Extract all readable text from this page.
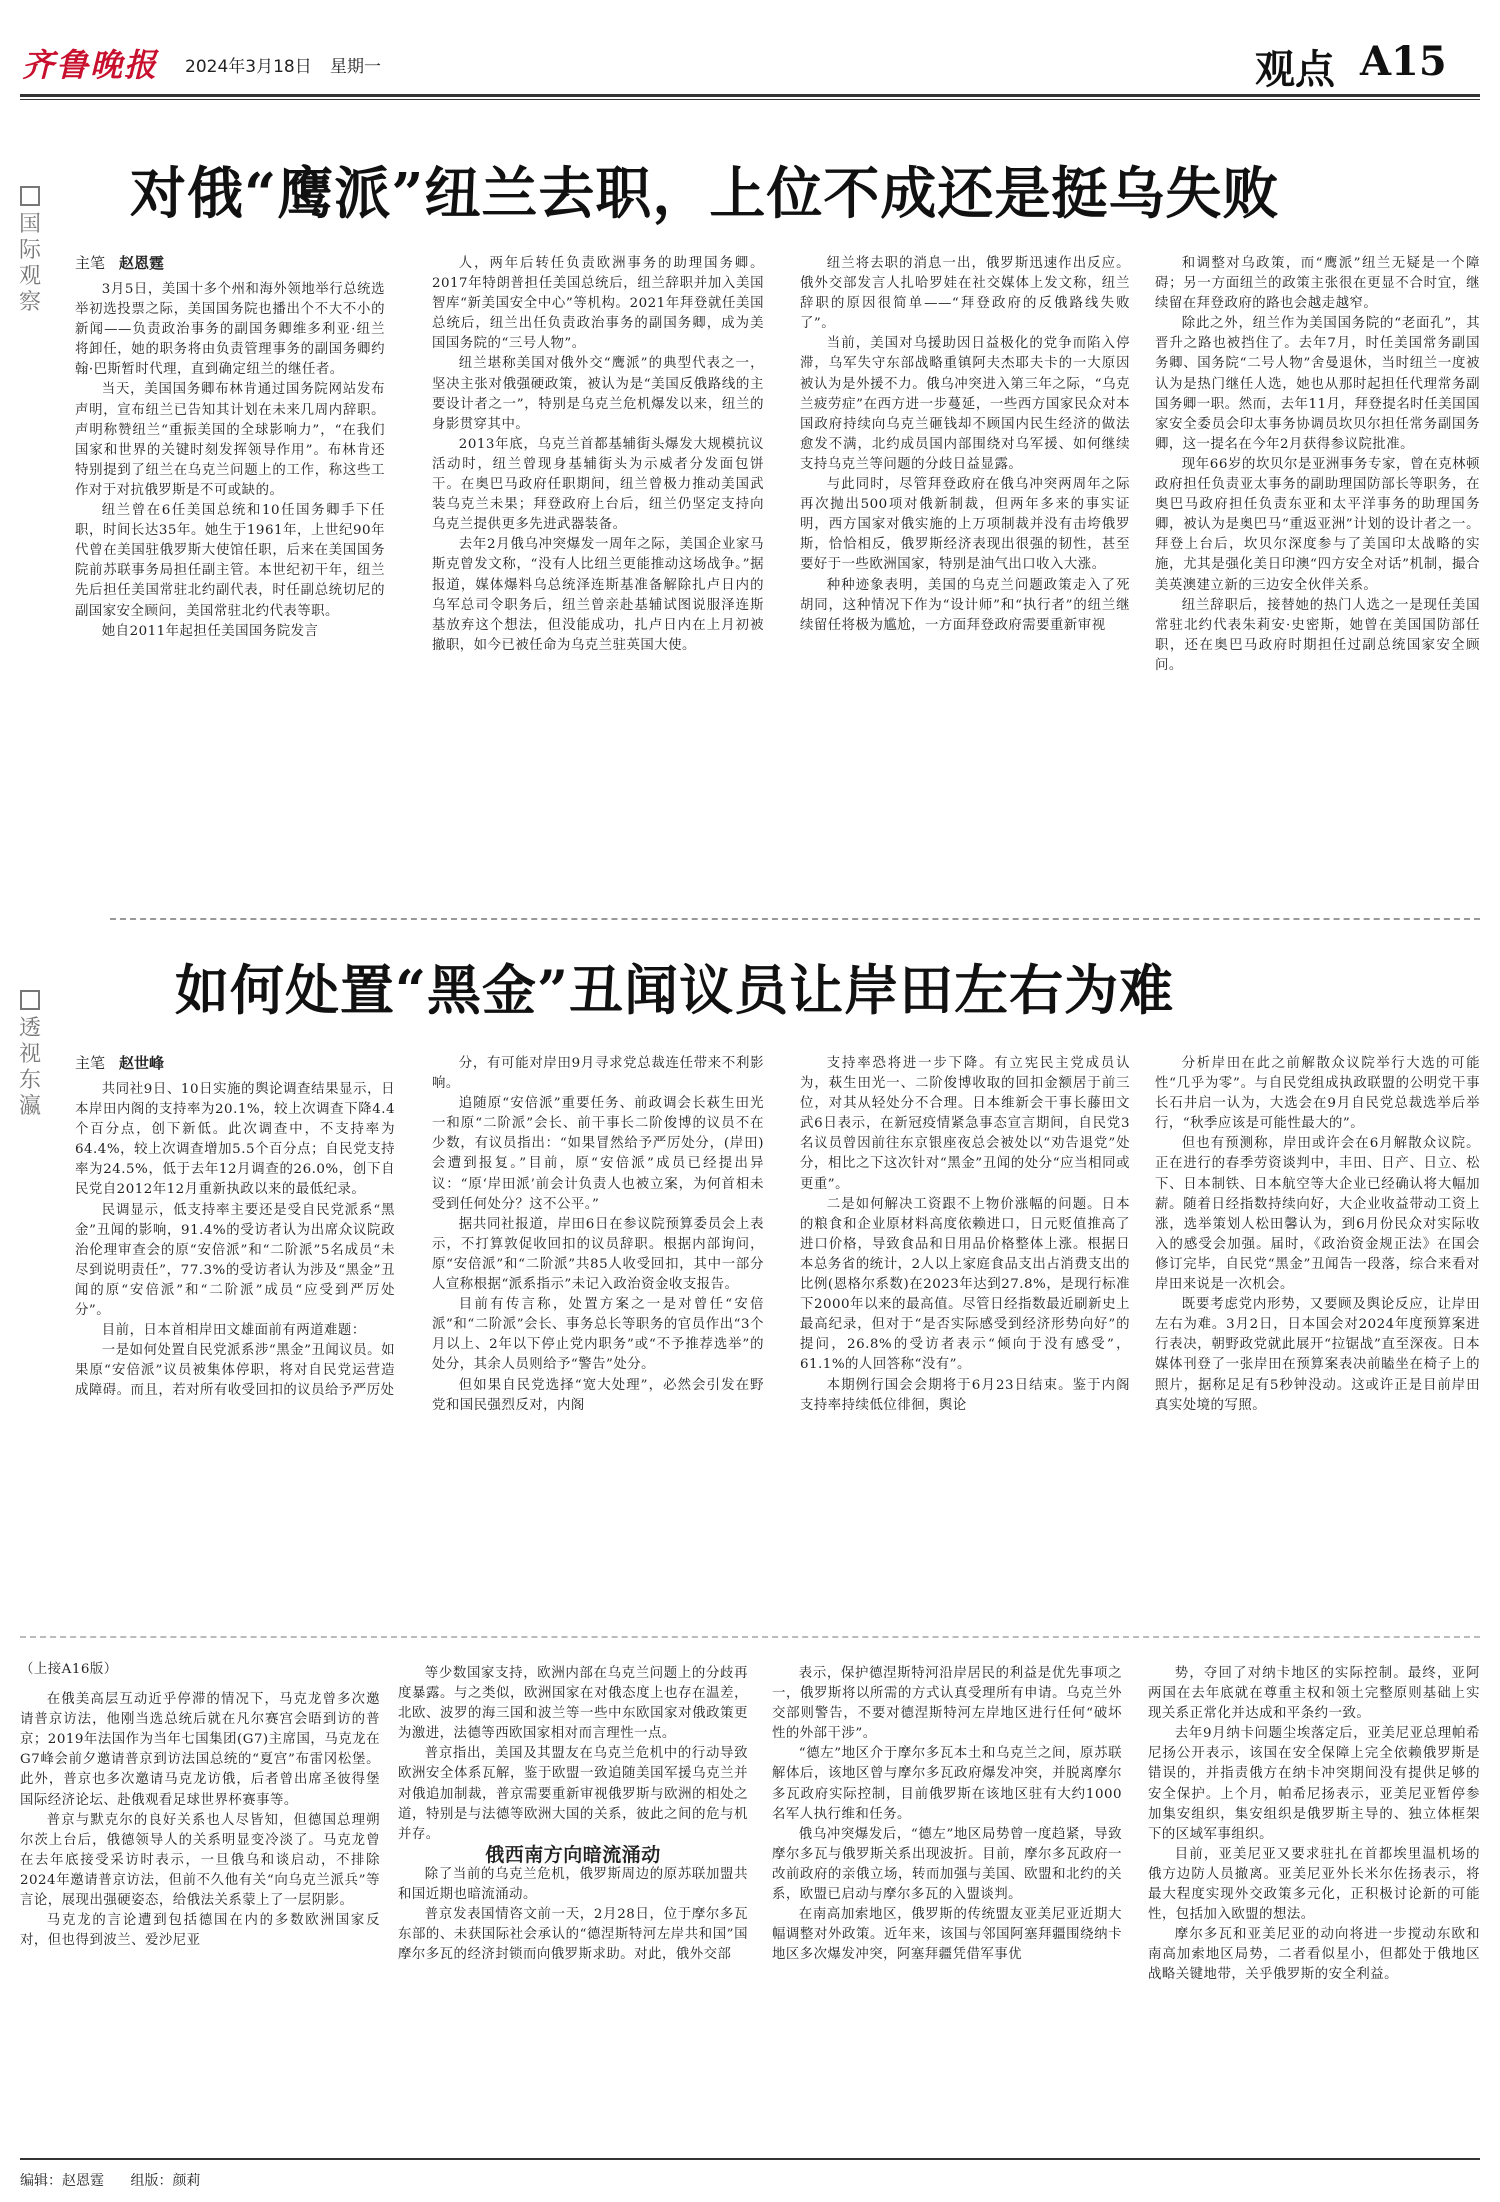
齐鲁晚报	2024年3月18日 星期一	观点 A15
国际观察
对俄“鹰派”纽兰去职，上位不成还是挺乌失败
主笔 赵恩霆

3月5日，美国十多个州和海外领地举行总统选举初选投票之际，美国国务院也播出个不大不小的新闻——负责政治事务的副国务卿维多利亚·纽兰将卸任，她的职务将由负责管理事务的副国务卿约翰·巴斯暂时代理，直到确定纽兰的继任者。

当天，美国国务卿布林肯通过国务院网站发布声明，宣布纽兰已告知其计划在未来几周内辞职。声明称赞纽兰“重振美国的全球影响力”，“在我们国家和世界的关键时刻发挥领导作用”。布林肯还特别提到了纽兰在乌克兰问题上的工作，称这些工作对于对抗俄罗斯是不可或缺的。

纽兰曾在6任美国总统和10任国务卿手下任职，时间长达35年。她生于1961年，上世纪90年代曾在美国驻俄罗斯大使馆任职，后来在美国国务院前苏联事务局担任副主管。本世纪初干年，纽兰先后担任美国常驻北约副代表，时任副总统切尼的副国家安全顾问，美国常驻北约代表等职。

她自2011年起担任美国国务院发言

人，两年后转任负责欧洲事务的助理国务卿。2017年特朗普担任美国总统后，纽兰辞职并加入美国智库“新美国安全中心”等机构。2021年拜登就任美国总统后，纽兰出任负责政治事务的副国务卿，成为美国国务院的“三号人物”。

纽兰堪称美国对俄外交“鹰派”的典型代表之一，坚决主张对俄强硬政策，被认为是“美国反俄路线的主要设计者之一”，特别是乌克兰危机爆发以来，纽兰的身影贯穿其中。

2013年底，乌克兰首都基辅街头爆发大规模抗议活动时，纽兰曾现身基辅街头为示威者分发面包饼干。在奥巴马政府任职期间，纽兰曾极力推动美国武装乌克兰未果；拜登政府上台后，纽兰仍坚定支持向乌克兰提供更多先进武器装备。

去年2月俄乌冲突爆发一周年之际，美国企业家马斯克曾发文称，“没有人比纽兰更能推动这场战争。”据报道，媒体爆料乌总统泽连斯基准备解除扎卢日内的乌军总司令职务后，纽兰曾亲赴基辅试图说服泽连斯基放弃这个想法，但没能成功，扎卢日内在上月初被撤职，如今已被任命为乌克兰驻英国大使。

纽兰将去职的消息一出，俄罗斯迅速作出反应。俄外交部发言人扎哈罗娃在社交媒体上发文称，纽兰辞职的原因很简单——“拜登政府的反俄路线失败了”。

当前，美国对乌援助因日益极化的党争而陷入停滞，乌军失守东部战略重镇阿夫杰耶夫卡的一大原因被认为是外援不力。俄乌冲突进入第三年之际，“乌克兰疲劳症”在西方进一步蔓延，一些西方国家民众对本国政府持续向乌克兰砸钱却不顾国内民生经济的做法愈发不满，北约成员国内部围绕对乌军援、如何继续支持乌克兰等问题的分歧日益显露。

与此同时，尽管拜登政府在俄乌冲突两周年之际再次抛出500项对俄新制裁，但两年多来的事实证明，西方国家对俄实施的上万项制裁并没有击垮俄罗斯，恰恰相反，俄罗斯经济表现出很强的韧性，甚至要好于一些欧洲国家，特别是油气出口收入大涨。

种种迹象表明，美国的乌克兰问题政策走入了死胡同，这种情况下作为“设计师”和“执行者”的纽兰继续留任将极为尴尬，一方面拜登政府需要重新审视

和调整对乌政策，而“鹰派”纽兰无疑是一个障碍；另一方面纽兰的政策主张很在更显不合时宜，继续留在拜登政府的路也会越走越窄。

除此之外，纽兰作为美国国务院的“老面孔”，其晋升之路也被挡住了。去年7月，时任美国常务副国务卿、国务院“二号人物”舍曼退休，当时纽兰一度被认为是热门继任人选，她也从那时起担任代理常务副国务卿一职。然而，去年11月，拜登提名时任美国国家安全委员会印太事务协调员坎贝尔担任常务副国务卿，这一提名在今年2月获得参议院批准。

现年66岁的坎贝尔是亚洲事务专家，曾在克林顿政府担任负责亚太事务的副助理国防部长等职务，在奥巴马政府担任负责东亚和太平洋事务的助理国务卿，被认为是奥巴马“重返亚洲”计划的设计者之一。拜登上台后，坎贝尔深度参与了美国印太战略的实施，尤其是强化美日印澳“四方安全对话”机制，撮合美英澳建立新的三边安全伙伴关系。

纽兰辞职后，接替她的热门人选之一是现任美国常驻北约代表朱莉安·史密斯，她曾在美国国防部任职，还在奥巴马政府时期担任过副总统国家安全顾问。

透视东瀛
如何处置“黑金”丑闻议员让岸田左右为难
主笔 赵世峰

共同社9日、10日实施的舆论调查结果显示，日本岸田内阁的支持率为20.1%，较上次调查下降4.4个百分点，创下新低。此次调查中，不支持率为64.4%，较上次调查增加5.5个百分点；自民党支持率为24.5%，低于去年12月调查的26.0%，创下自民党自2012年12月重新执政以来的最低纪录。

民调显示，低支持率主要还是受自民党派系“黑金”丑闻的影响，91.4%的受访者认为出席众议院政治伦理审查会的原“安倍派”和“二阶派”5名成员“未尽到说明责任”，77.3%的受访者认为涉及“黑金”丑闻的原“安倍派”和“二阶派”成员“应受到严厉处分”。

目前，日本首相岸田文雄面前有两道难题：

一是如何处置自民党派系涉“黑金”丑闻议员。如果原“安倍派”议员被集体停职，将对自民党运营造成障碍。而且，若对所有收受回扣的议员给予严厉处

分，有可能对岸田9月寻求党总裁连任带来不利影响。

追随原“安倍派”重要任务、前政调会长萩生田光一和原“二阶派”会长、前干事长二阶俊博的议员不在少数，有议员指出：“如果冒然给予严厉处分，(岸田)会遭到报复。”目前，原“安倍派”成员已经提出异议：“原‘岸田派’前会计负责人也被立案，为何首相未受到任何处分？这不公平。”

据共同社报道，岸田6日在参议院预算委员会上表示，不打算敦促收回扣的议员辞职。根据内部询问，原“安倍派”和“二阶派”共85人收受回扣，其中一部分人宣称根据“派系指示”未记入政治资金收支报告。

目前有传言称，处置方案之一是对曾任“安倍派”和“二阶派”会长、事务总长等职务的官员作出“3个月以上、2年以下停止党内职务”或“不予推荐选举”的处分，其余人员则给予“警告”处分。

但如果自民党选择“宽大处理”，必然会引发在野党和国民强烈反对，内阁

支持率恐将进一步下降。有立宪民主党成员认为，萩生田光一、二阶俊博收取的回扣金额居于前三位，对其从轻处分不合理。日本维新会干事长藤田文武6日表示，在新冠疫情紧急事态宣言期间，自民党3名议员曾因前往东京银座夜总会被处以“劝告退党”处分，相比之下这次针对“黑金”丑闻的处分“应当相同或更重”。

二是如何解决工资跟不上物价涨幅的问题。日本的粮食和企业原材料高度依赖进口，日元贬值推高了进口价格，导致食品和日用品价格整体上涨。根据日本总务省的统计，2人以上家庭食品支出占消费支出的比例(恩格尔系数)在2023年达到27.8%，是现行标准下2000年以来的最高值。尽管日经指数最近刷新史上最高纪录，但对于“是否实际感受到经济形势向好”的提问，26.8%的受访者表示“倾向于没有感受”，61.1%的人回答称“没有”。

本期例行国会会期将于6月23日结束。鉴于内阁支持率持续低位徘徊，舆论

分析岸田在此之前解散众议院举行大选的可能性“几乎为零”。与自民党组成执政联盟的公明党干事长石井启一认为，大选会在9月自民党总裁选举后举行，“秋季应该是可能性最大的”。

但也有预测称，岸田或许会在6月解散众议院。正在进行的春季劳资谈判中，丰田、日产、日立、松下、日本制铁、日本航空等大企业已经确认将大幅加薪。随着日经指数持续向好，大企业收益带动工资上涨，选举策划人松田馨认为，到6月份民众对实际收入的感受会加强。届时，《政治资金规正法》在国会修订完毕，自民党“黑金”丑闻告一段落，综合来看对岸田来说是一次机会。

既要考虑党内形势，又要顾及舆论反应，让岸田左右为难。3月2日，日本国会对2024年度预算案进行表决，朝野政党就此展开“拉锯战”直至深夜。日本媒体刊登了一张岸田在预算案表决前瞌坐在椅子上的照片，据称足足有5秒钟没动。这或许正是目前岸田真实处境的写照。

（上接A16版）

在俄美高层互动近乎停滞的情况下，马克龙曾多次邀请普京访法，他刚当选总统后就在凡尔赛宫会晤到访的普京；2019年法国作为当年七国集团(G7)主席国，马克龙在G7峰会前夕邀请普京到访法国总统的“夏宫”布雷冈松堡。此外，普京也多次邀请马克龙访俄，后者曾出席圣彼得堡国际经济论坛、赴俄观看足球世界杯赛事等。

普京与默克尔的良好关系也人尽皆知，但德国总理朔尔茨上台后，俄德领导人的关系明显变冷淡了。马克龙曾在去年底接受采访时表示，一旦俄乌和谈启动，不排除2024年邀请普京访法，但前不久他有关“向乌克兰派兵”等言论，展现出强硬姿态，给俄法关系蒙上了一层阴影。

马克龙的言论遭到包括德国在内的多数欧洲国家反对，但也得到波兰、爱沙尼亚

等少数国家支持，欧洲内部在乌克兰问题上的分歧再度暴露。与之类似，欧洲国家在对俄态度上也存在温差，北欧、波罗的海三国和波兰等一些中东欧国家对俄政策更为激进，法德等西欧国家相对而言理性一点。

普京指出，美国及其盟友在乌克兰危机中的行动导致欧洲安全体系瓦解，鉴于欧盟一致追随美国军援乌克兰并对俄追加制裁，普京需要重新审视俄罗斯与欧洲的相处之道，特别是与法德等欧洲大国的关系，彼此之间的危与机并存。

俄西南方向暗流涌动

除了当前的乌克兰危机，俄罗斯周边的原苏联加盟共和国近期也暗流涌动。

普京发表国情咨文前一天，2月28日，位于摩尔多瓦东部的、未获国际社会承认的“德涅斯特河左岸共和国”国摩尔多瓦的经济封锁而向俄罗斯求助。对此，俄外交部

表示，保护德涅斯特河沿岸居民的利益是优先事项之一，俄罗斯将以所需的方式认真受理所有申请。乌克兰外交部则警告，不要对德涅斯特河左岸地区进行任何“破坏性的外部干涉”。

“德左”地区介于摩尔多瓦本土和乌克兰之间，原苏联解体后，该地区曾与摩尔多瓦政府爆发冲突，并脱离摩尔多瓦政府实际控制，目前俄罗斯在该地区驻有大约1000名军人执行维和任务。

俄乌冲突爆发后，“德左”地区局势曾一度趋紧，导致摩尔多瓦与俄罗斯关系出现波折。目前，摩尔多瓦政府一改前政府的亲俄立场，转而加强与美国、欧盟和北约的关系，欧盟已启动与摩尔多瓦的入盟谈判。

在南高加索地区，俄罗斯的传统盟友亚美尼亚近期大幅调整对外政策。近年来，该国与邻国阿塞拜疆围绕纳卡地区多次爆发冲突，阿塞拜疆凭借军事优

势，夺回了对纳卡地区的实际控制。最终，亚阿两国在去年底就在尊重主权和领土完整原则基础上实现关系正常化并达成和平条约一致。

去年9月纳卡问题尘埃落定后，亚美尼亚总理帕希尼扬公开表示，该国在安全保障上完全依赖俄罗斯是错误的，并指责俄方在纳卡冲突期间没有提供足够的安全保护。上个月，帕希尼扬表示，亚美尼亚暂停参加集安组织，集安组织是俄罗斯主导的、独立体框架下的区域军事组织。

目前，亚美尼亚又要求驻扎在首都埃里温机场的俄方边防人员撤离。亚美尼亚外长米尔佐扬表示，将最大程度实现外交政策多元化，正积极讨论新的可能性，包括加入欧盟的想法。

摩尔多瓦和亚美尼亚的动向将进一步搅动东欧和南高加索地区局势，二者看似星小，但都处于俄地区战略关键地带，关乎俄罗斯的安全利益。

编辑：赵恩霆 组版：颜莉
